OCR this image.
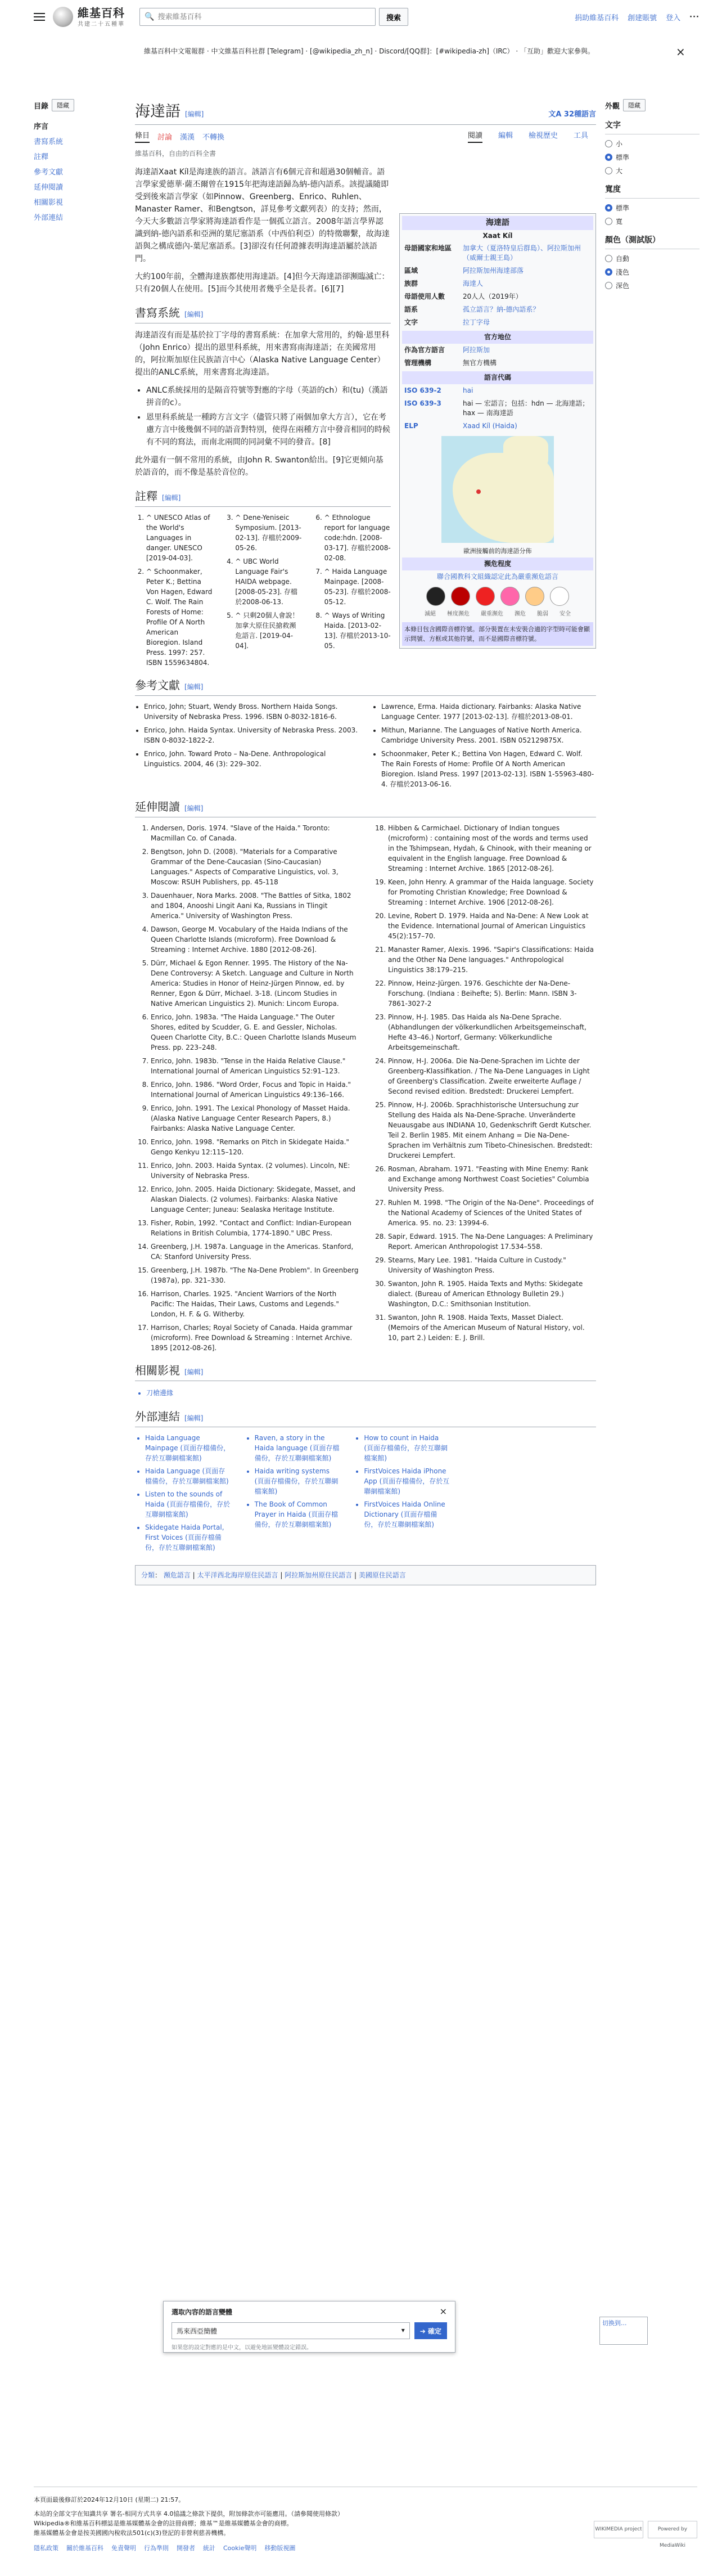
維基百科
共建二十五種華
🔍
搜索維基百科	搜索	捐助維基百科 創建賬號 登入 ···
維基百科中文電報群 · 中文維基百科社群 [Telegram] · [@wikipedia_zh_n] · Discord/[QQ群]：[#wikipedia-zh]（IRC） · 「互助」歡迎大家參與。	×
目錄	隱藏
序言
書寫系統
註釋
參考文獻
延伸閱讀
相關影視
外部連結
外觀	隱藏
文字
小
標準
大
寬度
標準
寬
顏色（測試版）
自動
淺色
深色
海達語 [編輯]	文A 32種語言
條目 討論 漢漢 不轉換	閱讀 編輯 檢視歷史 工具
維基百科，自由的百科全書
海達語
Xaat Kíl
母語國家和地區	加拿大（夏洛特皇后群島）、阿拉斯加州（威爾士親王島）
區域	阿拉斯加州海達部落
族群	海達人
母語使用人數	20人人（2019年）
語系	孤立語言？納-德內語系？
文字	拉丁字母
官方地位
作為官方語言	阿拉斯加
管理機構	無官方機構
語言代碼
ISO 639-2	hai
ISO 639-3	hai — 宏語言；包括：hdn — 北海達語；hax — 南海達語
ELP	Xaad Kíl (Haida)
歐洲接觸前的海達語分佈
瀕危程度
聯合國教科文組織認定此為嚴重瀕危語言
滅絕 極度瀕危 嚴重瀕危 瀕危 脆弱 安全
本條目包含國際音標符號。部分裝置在未安裝合適的字型時可能會顯示問號、方框或其他符號，而不是國際音標符號。

海達語Xaat Kíl是海達族的語言。該語言有6個元音和超過30個輔音。語言學家愛德華·薩丕爾曾在1915年把海達語歸為納-德內語系。該提議隨即受到後來語言學家（如Pinnow、Greenberg、Enrico、Ruhlen、Manaster Ramer、和Bengtson，詳見參考文獻列表）的支持；然而，今天大多數語言學家將海達語看作是一個孤立語言。2008年語言學界認識到納-德內語系和亞洲的葉尼塞語系（中西伯利亞）的特徵聯繫，故海達語與之構成德內-葉尼塞語系。[3]卻沒有任何證據表明海達語屬於該語門。

大約100年前，全體海達族都使用海達語。[4]但今天海達語卻瀕臨滅亡：只有20個人在使用。[5]而今其使用者幾乎全是長者。[6][7]

書寫系統 [編輯]

海達語沒有而是基於拉丁字母的書寫系統：在加拿大常用的，約翰·恩里科（John Enrico）提出的恩里科系統，用來書寫南海達語；在美國常用的，阿拉斯加原住民族語言中心（Alaska Native Language Center）提出的ANLC系統，用來書寫北海達語。

• ANLC系統採用的是隔音符號等對應的字母（英語的ch）和(tu)（漢語拼音的c）。
• 恩里科系統是一種跨方言文字（儘管只將了兩個加拿大方言），它在考慮方言中後幾個不同的語音對特別，使得在兩種方言中發音相同的時候有不同的寫法，而南北兩間的同詞彙不同的發音。[8]

此外還有一個不常用的系統，由John R. Swanton給出。[9]它更傾向基於語音的，而不像是基於音位的。

註釋 [編輯]
1. ^ UNESCO Atlas of the World's Languages in danger. UNESCO [2019-04-03].
2. ^ Schoonmaker, Peter K.; Bettina Von Hagen, Edward C. Wolf. The Rain Forests of Home: Profile Of A North American Bioregion. Island Press. 1997: 257. ISBN 1559634804.
3. ^ Dene-Yeniseic Symposium. [2013-02-13]. 存檔於2009-05-26.
4. ^ UBC World Language Fair's HAIDA webpage. [2008-05-23]. 存檔於2008-06-13.
5. ^ 只剩20個人會說！加拿大原住民搶救瀕危語言. [2019-04-04].
6. ^ Ethnologue report for language code:hdn. [2008-03-17]. 存檔於2008-02-08.
7. ^ Haida Language Mainpage. [2008-05-23]. 存檔於2008-05-12.
8. ^ Ways of Writing Haida. [2013-02-13]. 存檔於2013-10-05.
參考文獻 [編輯]
• Enrico, John; Stuart, Wendy Bross. Northern Haida Songs. University of Nebraska Press. 1996. ISBN 0-8032-1816-6.
• Enrico, John. Haida Syntax. University of Nebraska Press. 2003. ISBN 0-8032-1822-2.
• Enrico, John. Toward Proto – Na-Dene. Anthropological Linguistics. 2004, 46 (3): 229–302.
• Lawrence, Erma. Haida dictionary. Fairbanks: Alaska Native Language Center. 1977 [2013-02-13]. 存檔於2013-08-01.
• Mithun, Marianne. The Languages of Native North America. Cambridge University Press. 2001. ISBN 052129875X.
• Schoonmaker, Peter K.; Bettina Von Hagen, Edward C. Wolf. The Rain Forests of Home: Profile Of A North American Bioregion. Island Press. 1997 [2013-02-13]. ISBN 1-55963-480-4. 存檔於2013-06-16.
延伸閱讀 [編輯]
1. Andersen, Doris. 1974. "Slave of the Haida." Toronto: Macmillan Co. of Canada.
2. Bengtson, John D. (2008). "Materials for a Comparative Grammar of the Dene-Caucasian (Sino-Caucasian) Languages." Aspects of Comparative Linguistics, vol. 3, Moscow: RSUH Publishers, pp. 45-118
3. Dauenhauer, Nora Marks. 2008. "The Battles of Sitka, 1802 and 1804, Anooshi Lingit Aani Ka, Russians in Tlingit America." University of Washington Press.
4. Dawson, George M. Vocabulary of the Haida Indians of the Queen Charlotte Islands (microform). Free Download & Streaming : Internet Archive. 1880 [2012-08-26].
5. Dürr, Michael & Egon Renner. 1995. The History of the Na-Dene Controversy: A Sketch. Language and Culture in North America: Studies in Honor of Heinz-Jürgen Pinnow, ed. by Renner, Egon & Dürr, Michael. 3-18. (Lincom Studies in Native American Linguistics 2). Munich: Lincom Europa.
6. Enrico, John. 1983a. "The Haida Language." The Outer Shores, edited by Scudder, G. E. and Gessler, Nicholas. Queen Charlotte City, B.C.: Queen Charlotte Islands Museum Press. pp. 223–248.
7. Enrico, John. 1983b. "Tense in the Haida Relative Clause." International Journal of American Linguistics 52:91–123.
8. Enrico, John. 1986. "Word Order, Focus and Topic in Haida." International Journal of American Linguistics 49:136–166.
9. Enrico, John. 1991. The Lexical Phonology of Masset Haida. (Alaska Native Language Center Research Papers, 8.) Fairbanks: Alaska Native Language Center.
10. Enrico, John. 1998. "Remarks on Pitch in Skidegate Haida." Gengo Kenkyu 12:115–120.
11. Enrico, John. 2003. Haida Syntax. (2 volumes). Lincoln, NE: University of Nebraska Press.
12. Enrico, John. 2005. Haida Dictionary: Skidegate, Masset, and Alaskan Dialects. (2 volumes). Fairbanks: Alaska Native Language Center; Juneau: Sealaska Heritage Institute.
13. Fisher, Robin, 1992. "Contact and Conflict: Indian-European Relations in British Columbia, 1774-1890." UBC Press.
14. Greenberg, J.H. 1987a. Language in the Americas. Stanford, CA: Stanford University Press.
15. Greenberg, J.H. 1987b. "The Na-Dene Problem". In Greenberg (1987a), pp. 321–330.
16. Harrison, Charles. 1925. "Ancient Warriors of the North Pacific: The Haidas, Their Laws, Customs and Legends." London, H. F. & G. Witherby.
17. Harrison, Charles; Royal Society of Canada. Haida grammar (microform). Free Download & Streaming : Internet Archive. 1895 [2012-08-26].
18. Hibben & Carmichael. Dictionary of Indian tongues (microform) : containing most of the words and terms used in the Tshimpsean, Hydah, & Chinook, with their meaning or equivalent in the English language. Free Download & Streaming : Internet Archive. 1865 [2012-08-26].
19. Keen, John Henry. A grammar of the Haida language. Society for Promoting Christian Knowledge; Free Download & Streaming : Internet Archive. 1906 [2012-08-26].
20. Levine, Robert D. 1979. Haida and Na-Dene: A New Look at the Evidence. International Journal of American Linguistics 45(2):157–70.
21. Manaster Ramer, Alexis. 1996. "Sapir's Classifications: Haida and the Other Na Dene languages." Anthropological Linguistics 38:179–215.
22. Pinnow, Heinz-Jürgen. 1976. Geschichte der Na-Dene-Forschung. (Indiana : Beihefte; 5). Berlin: Mann. ISBN 3-7861-3027-2
23. Pinnow, H-J. 1985. Das Haida als Na-Dene Sprache. (Abhandlungen der völkerkundlichen Arbeitsgemeinschaft, Hefte 43–46.) Nortorf, Germany: Völkerkundliche Arbeitsgemeinschaft.
24. Pinnow, H-J. 2006a. Die Na-Dene-Sprachen im Lichte der Greenberg-Klassifikation. / The Na-Dene Languages in Light of Greenberg's Classification. Zweite erweiterte Auflage / Second revised edition. Bredstedt: Druckerei Lempfert.
25. Pinnow, H-J. 2006b. Sprachhistorische Untersuchung zur Stellung des Haida als Na-Dene-Sprache. Unveränderte Neuausgabe aus INDIANA 10, Gedenkschrift Gerdt Kutscher. Teil 2. Berlin 1985. Mit einem Anhang = Die Na-Dene-Sprachen im Verhältnis zum Tibeto-Chinesischen. Bredstedt: Druckerei Lempfert.
26. Rosman, Abraham. 1971. "Feasting with Mine Enemy: Rank and Exchange among Northwest Coast Societies" Columbia University Press.
27. Ruhlen M. 1998. "The Origin of the Na-Dene". Proceedings of the National Academy of Sciences of the United States of America. 95. no. 23: 13994-6.
28. Sapir, Edward. 1915. The Na-Dene Languages: A Preliminary Report. American Anthropologist 17.534–558.
29. Stearns, Mary Lee. 1981. "Haida Culture in Custody." University of Washington Press.
30. Swanton, John R. 1905. Haida Texts and Myths: Skidegate dialect. (Bureau of American Ethnology Bulletin 29.) Washington, D.C.: Smithsonian Institution.
31. Swanton, John R. 1908. Haida Texts, Masset Dialect. (Memoirs of the American Museum of Natural History, vol. 10, part 2.) Leiden: E. J. Brill.
相關影視 [編輯]
• 刀槍邊緣
外部連結 [編輯]
• Haida Language Mainpage (頁面存檔備份，存於互聯網檔案館)
• Haida Language (頁面存檔備份，存於互聯網檔案館)
• Listen to the sounds of Haida (頁面存檔備份，存於互聯網檔案館)
• Skidegate Haida Portal, First Voices (頁面存檔備份，存於互聯網檔案館)
• Raven, a story in the Haida language (頁面存檔備份，存於互聯網檔案館)
• Haida writing systems (頁面存檔備份，存於互聯網檔案館)
• The Book of Common Prayer in Haida (頁面存檔備份，存於互聯網檔案館)
• How to count in Haida (頁面存檔備份，存於互聯網檔案館)
• FirstVoices Haida iPhone App (頁面存檔備份，存於互聯網檔案館)
• FirstVoices Haida Online Dictionary (頁面存檔備份，存於互聯網檔案館)
分類： 瀕危語言 | 太平洋西北海岸原住民語言 | 阿拉斯加州原住民語言 | 美國原住民語言
選取內容的語言變體	×
馬來西亞簡體	▾	➔ 確定
如果您的設定對應的是中文，以避免地區變體設定錯誤。
切換到...
本頁面最後修訂於2024年12月10日 (星期二) 21:57。
本站的全部文字在知識共享 署名-相同方式共享 4.0協議之條款下提供，附加條款亦可能應用。（請參閱使用條款）
Wikipedia®和維基百科標誌是維基媒體基金會的註冊商標；維基™是維基媒體基金會的商標。
維基媒體基金會是按美國國內稅收法501(c)(3)登記的非營利慈善機構。
隱私政策 關於維基百科 免責聲明 行為準則 開發者 統計 Cookie聲明 移動版視圖
WIKIMEDIA project	Powered by MediaWiki
